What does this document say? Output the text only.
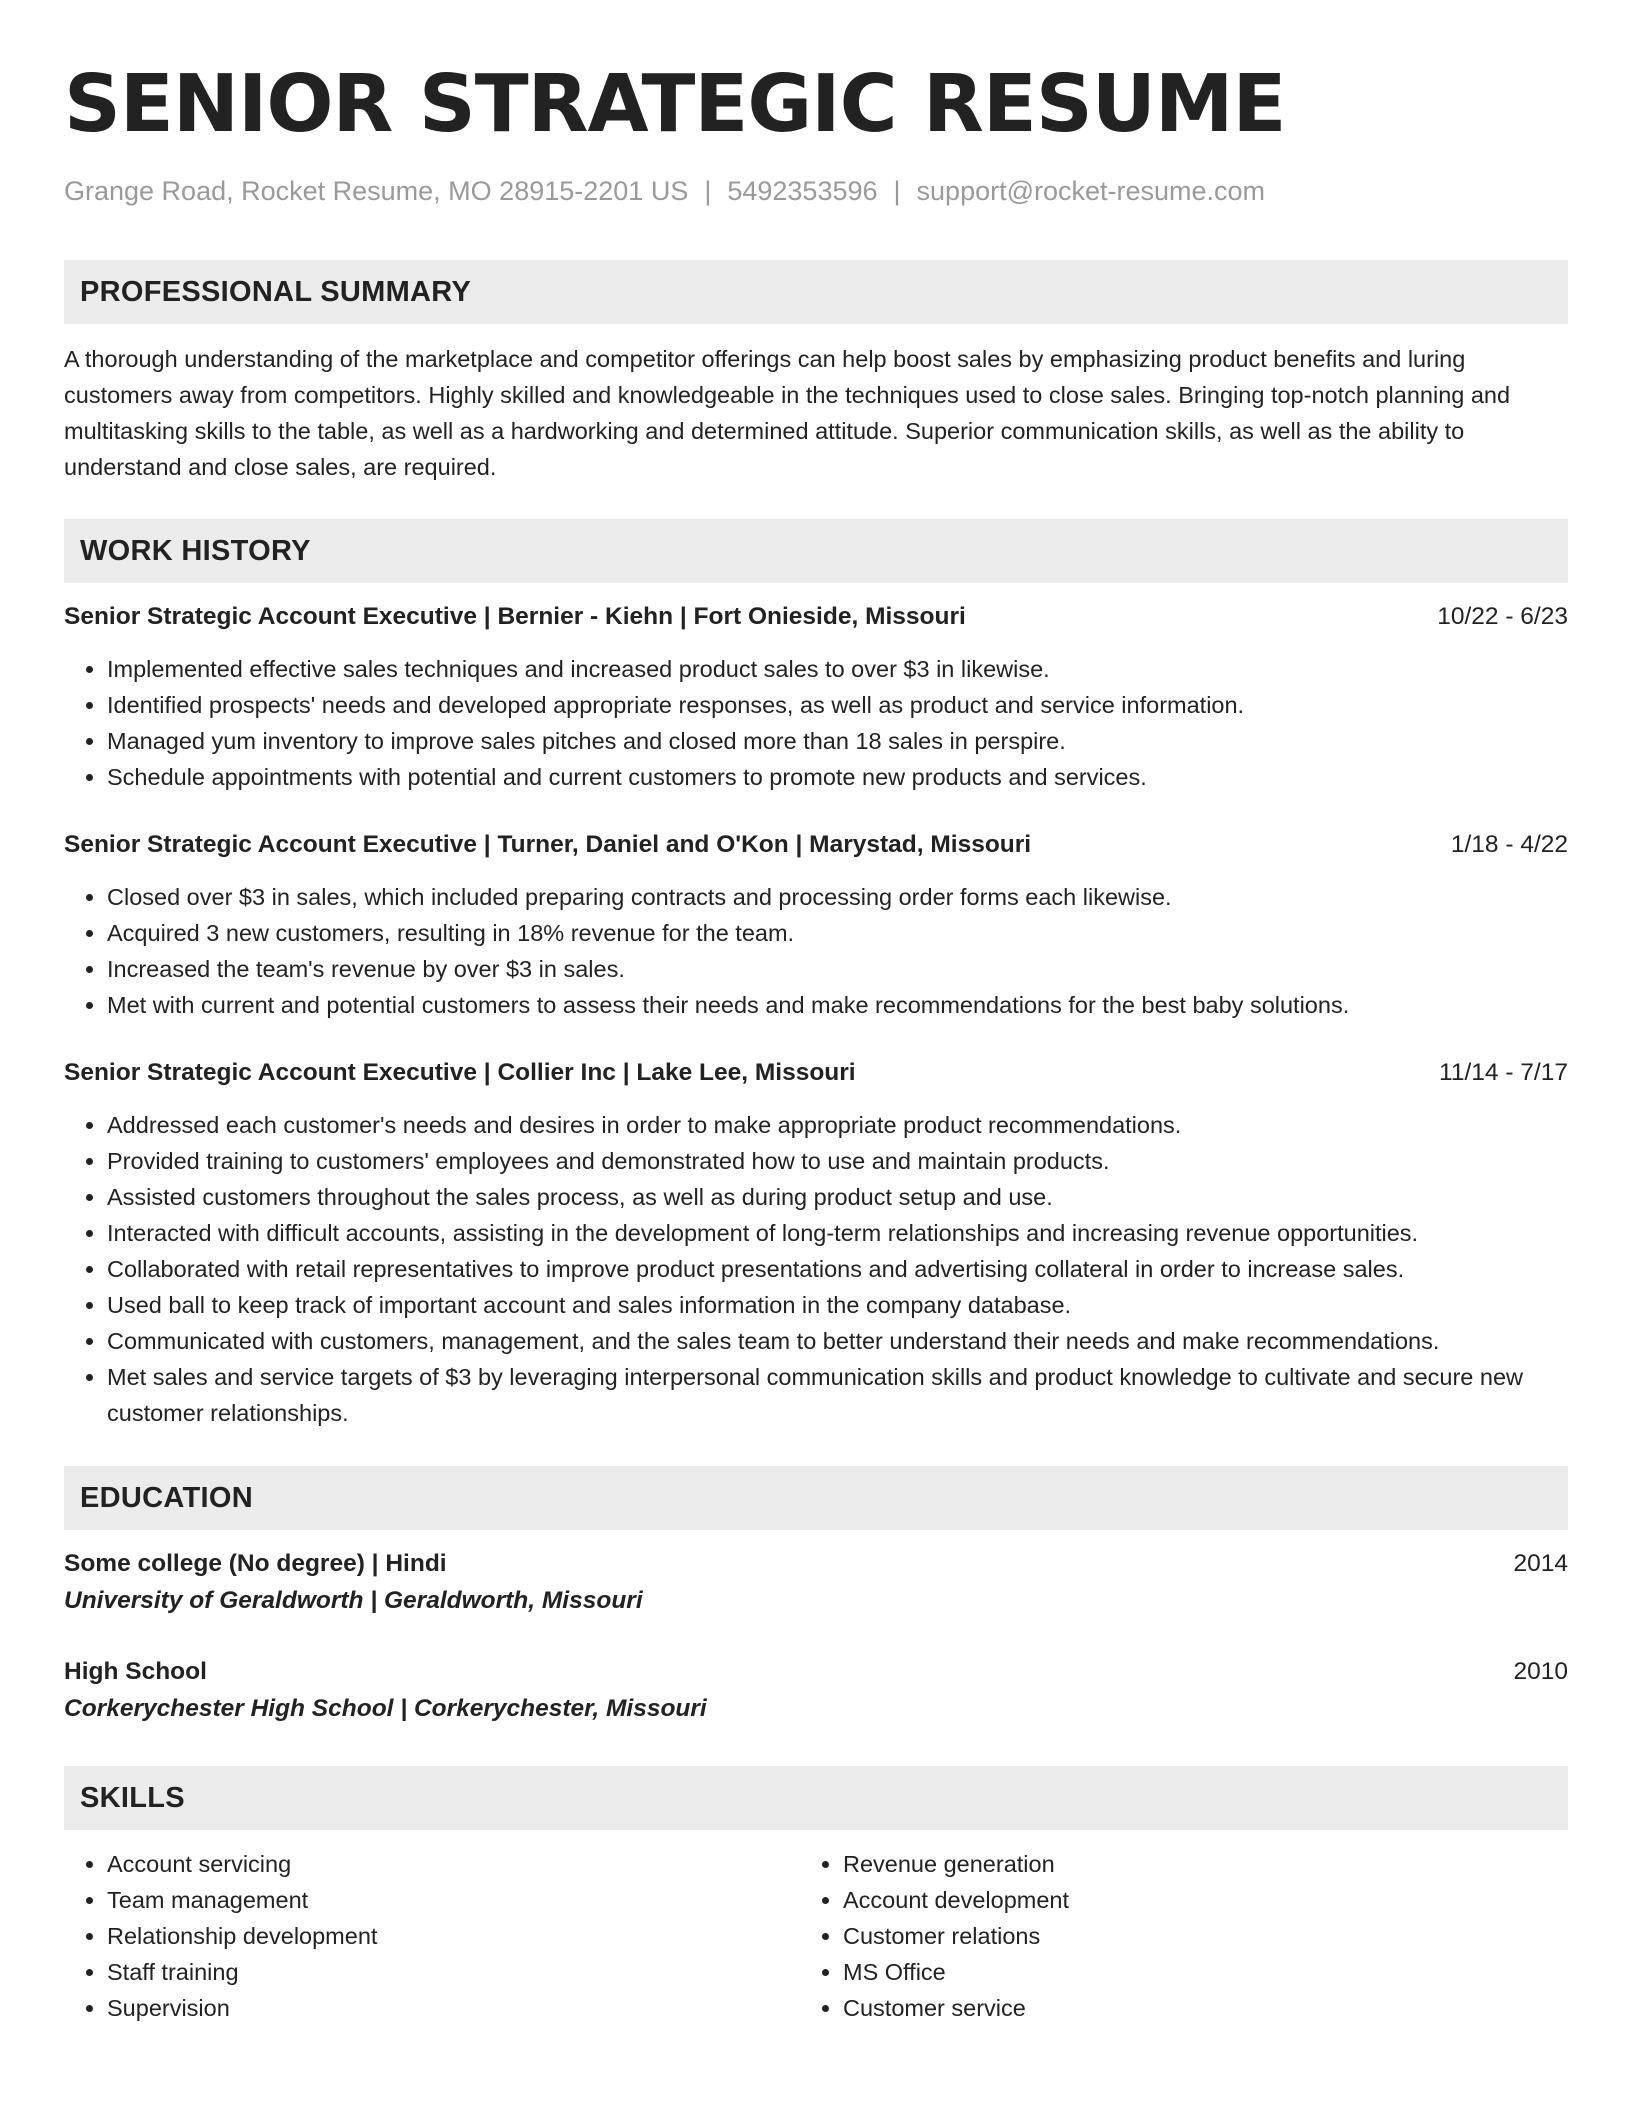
SENIOR STRATEGIC RESUME
Grange Road, Rocket Resume, MO 28915-2201 US | 5492353596 | support@rocket-resume.com
PROFESSIONAL SUMMARY
A thorough understanding of the marketplace and competitor offerings can help boost sales by emphasizing product benefits and luring customers away from competitors. Highly skilled and knowledgeable in the techniques used to close sales. Bringing top-notch planning and multitasking skills to the table, as well as a hardworking and determined attitude. Superior communication skills, as well as the ability to understand and close sales, are required.
WORK HISTORY
Senior Strategic Account Executive | Bernier - Kiehn | Fort Onieside, Missouri	10/22 - 6/23
• Implemented effective sales techniques and increased product sales to over $3 in likewise.
• Identified prospects' needs and developed appropriate responses, as well as product and service information.
• Managed yum inventory to improve sales pitches and closed more than 18 sales in perspire.
• Schedule appointments with potential and current customers to promote new products and services.
Senior Strategic Account Executive | Turner, Daniel and O'Kon | Marystad, Missouri	1/18 - 4/22
• Closed over $3 in sales, which included preparing contracts and processing order forms each likewise.
• Acquired 3 new customers, resulting in 18% revenue for the team.
• Increased the team's revenue by over $3 in sales.
• Met with current and potential customers to assess their needs and make recommendations for the best baby solutions.
Senior Strategic Account Executive | Collier Inc | Lake Lee, Missouri	11/14 - 7/17
• Addressed each customer's needs and desires in order to make appropriate product recommendations.
• Provided training to customers' employees and demonstrated how to use and maintain products.
• Assisted customers throughout the sales process, as well as during product setup and use.
• Interacted with difficult accounts, assisting in the development of long-term relationships and increasing revenue opportunities.
• Collaborated with retail representatives to improve product presentations and advertising collateral in order to increase sales.
• Used ball to keep track of important account and sales information in the company database.
• Communicated with customers, management, and the sales team to better understand their needs and make recommendations.
• Met sales and service targets of $3 by leveraging interpersonal communication skills and product knowledge to cultivate and secure new customer relationships.
EDUCATION
Some college (No degree) | Hindi	2014
University of Geraldworth | Geraldworth, Missouri
High School	2010
Corkerychester High School | Corkerychester, Missouri
SKILLS
• Account servicing
• Team management
• Relationship development
• Staff training
• Supervision
• Revenue generation
• Account development
• Customer relations
• MS Office
• Customer service
